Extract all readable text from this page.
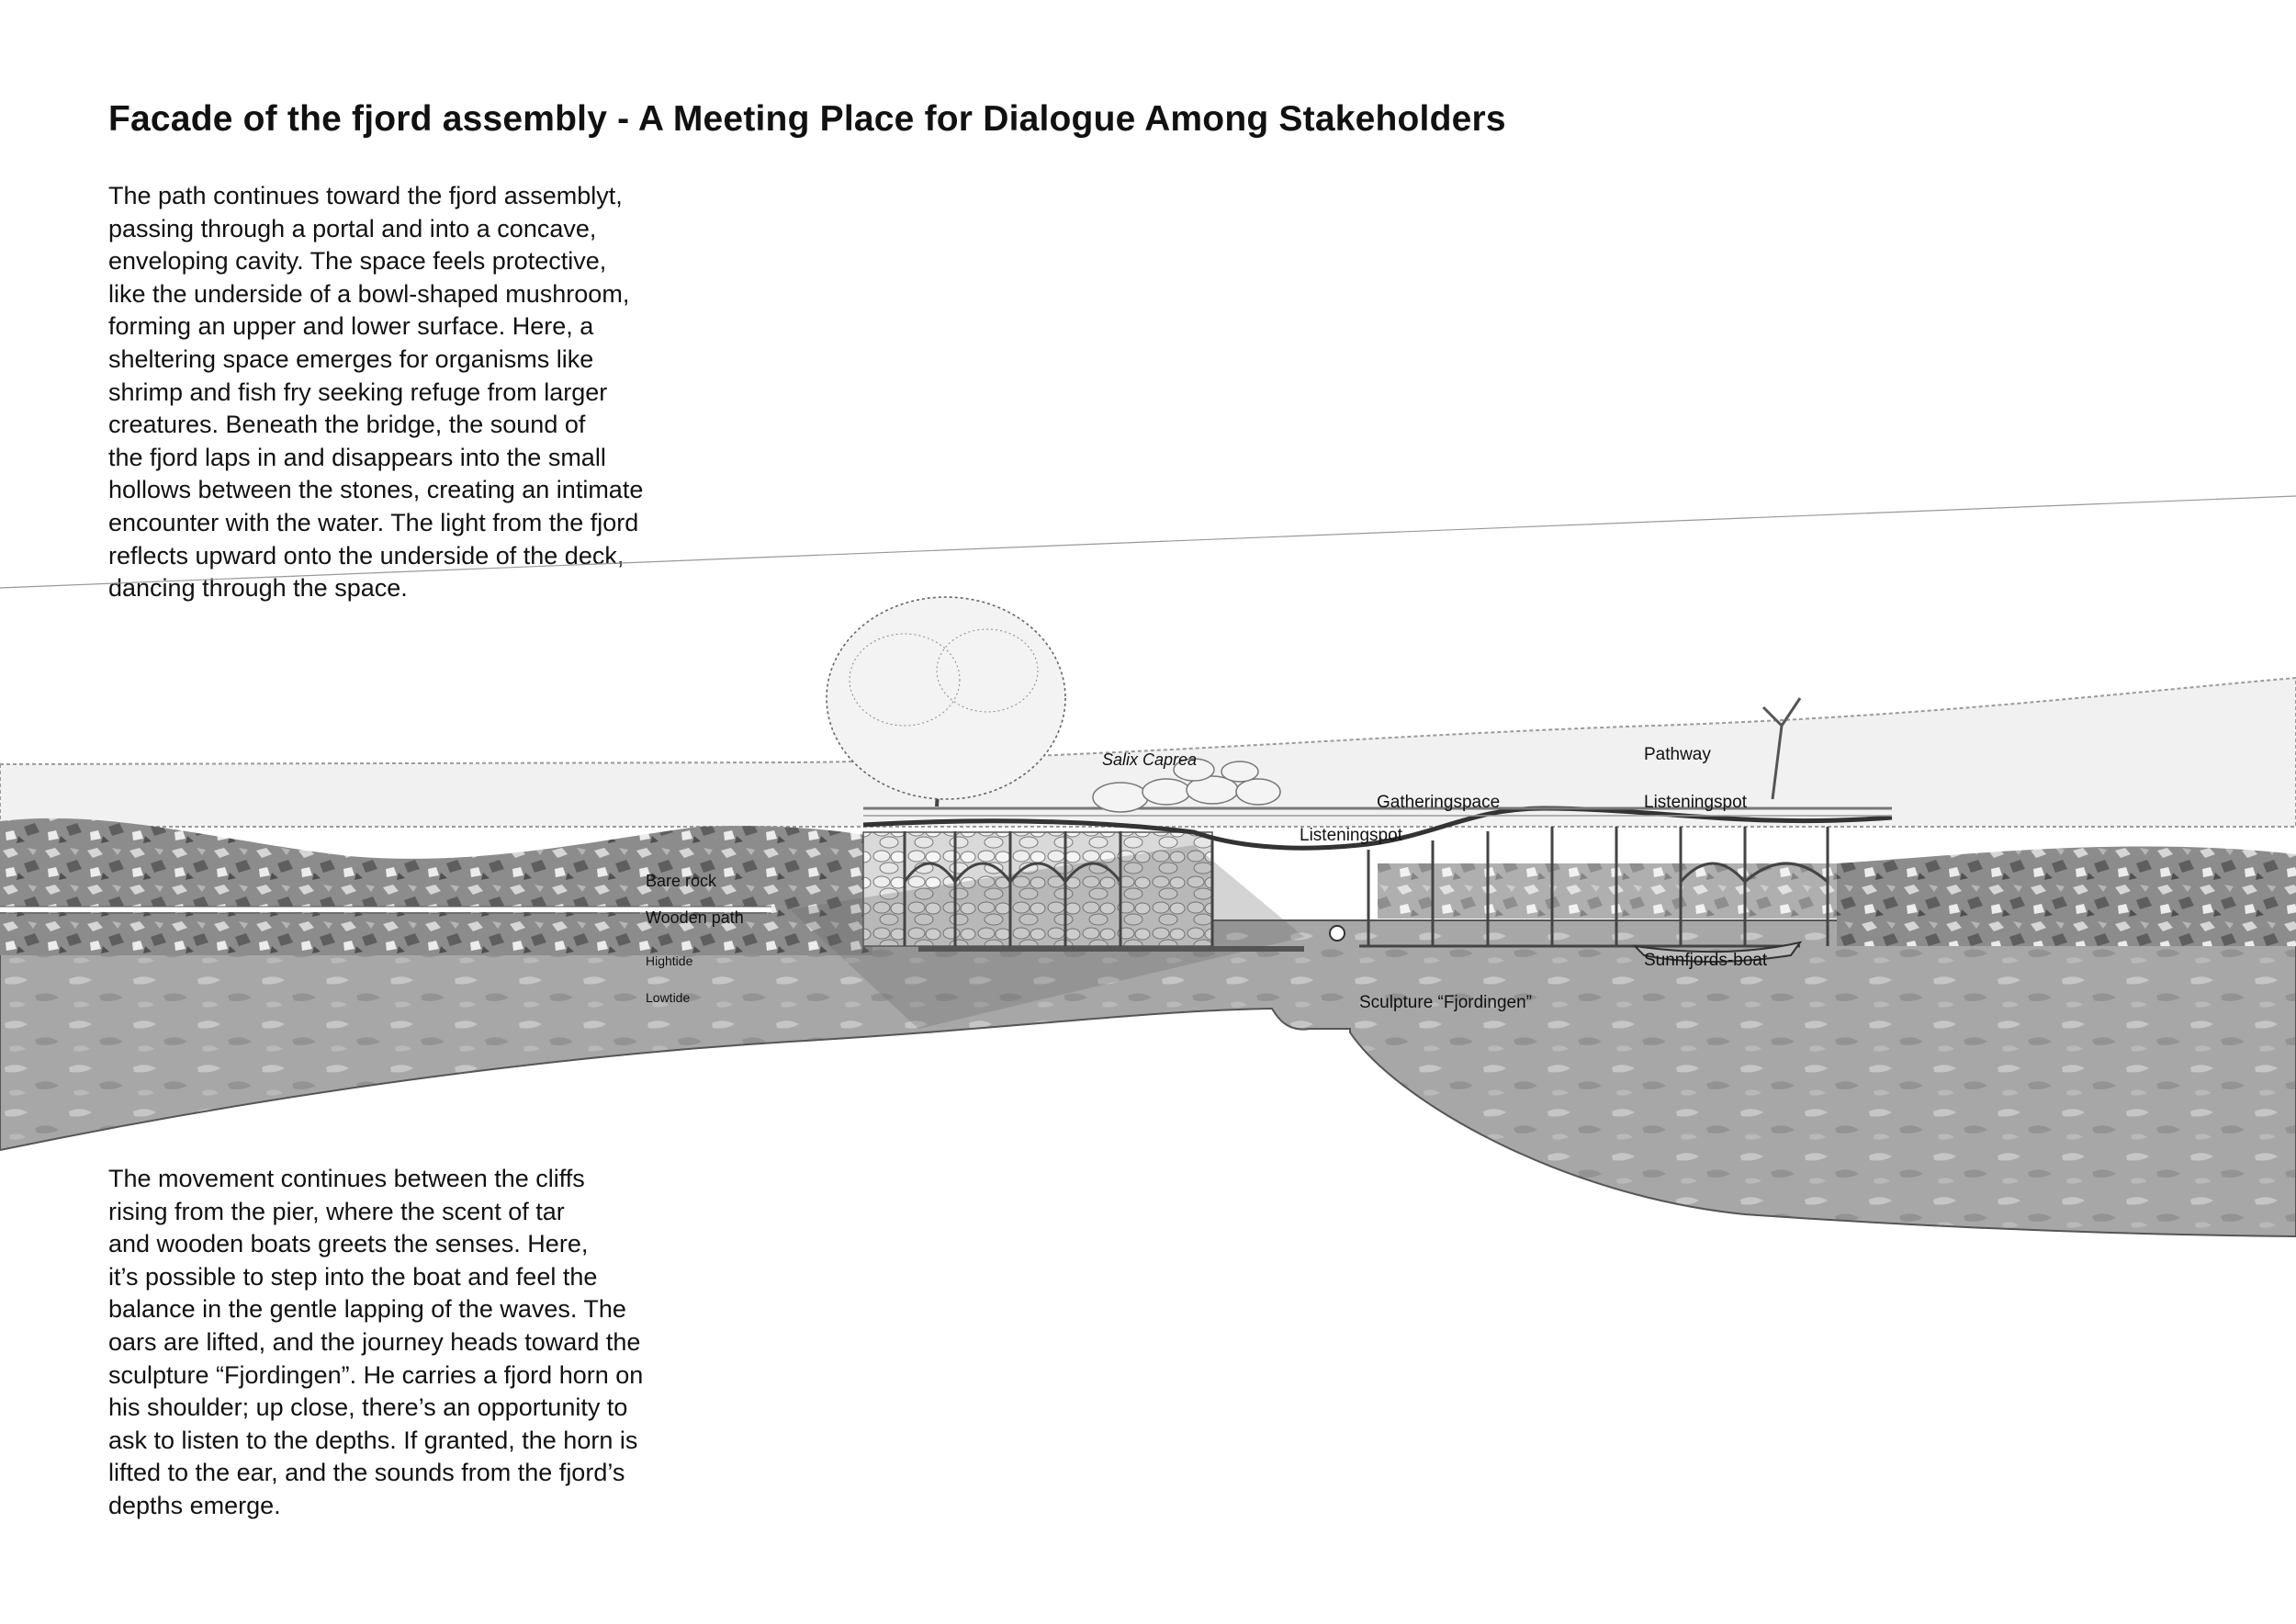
Facade of the fjord assembly - A Meeting Place for Dialogue Among Stakeholders
The path continues toward the fjord assemblyt,
passing through a portal and into a concave,
enveloping cavity. The space feels protective,
like the underside of a bowl-shaped mushroom,
forming an upper and lower surface. Here, a
sheltering space emerges for organisms like
shrimp and fish fry seeking refuge from larger
creatures. Beneath the bridge, the sound of
the fjord laps in and disappears into the small
hollows between the stones, creating an intimate
encounter with the water. The light from the fjord
reflects upward onto the underside of the deck,
dancing through the space.
Salix Caprea	Pathway
Gatheringspace	Listeningspot
Listeningspot
Bare rock
Wooden path
Hightide
Lowtide
Sunnfjords-boat
Sculpture “Fjordingen”
The movement continues between the cliffs
rising from the pier, where the scent of tar
and wooden boats greets the senses. Here,
it’s possible to step into the boat and feel the
balance in the gentle lapping of the waves. The
oars are lifted, and the journey heads toward the
sculpture “Fjordingen”. He carries a fjord horn on
his shoulder; up close, there’s an opportunity to
ask to listen to the depths. If granted, the horn is
lifted to the ear, and the sounds from the fjord’s
depths emerge.
